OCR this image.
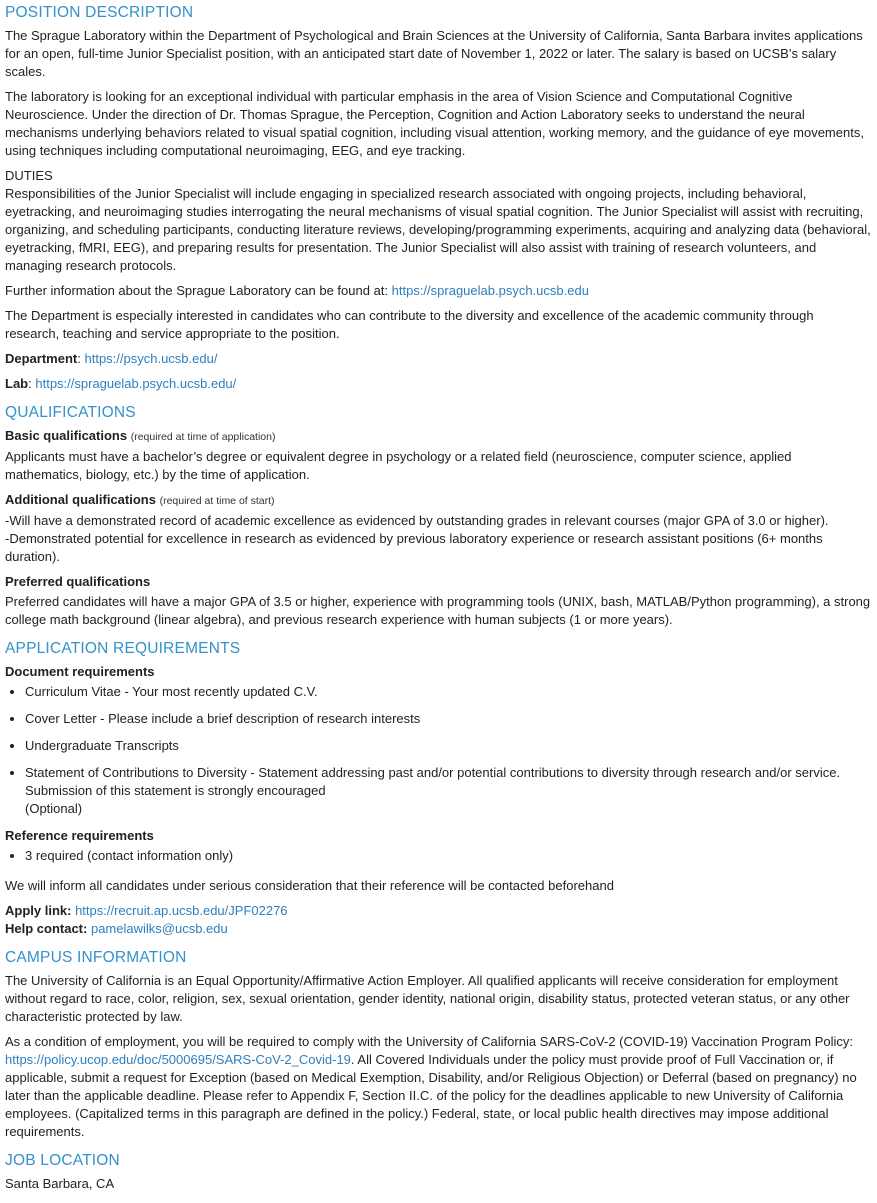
POSITION DESCRIPTION

The Sprague Laboratory within the Department of Psychological and Brain Sciences at the University of California, Santa Barbara invites applications for an open, full-time Junior Specialist position, with an anticipated start date of November 1, 2022 or later. The salary is based on UCSB’s salary scales.

The laboratory is looking for an exceptional individual with particular emphasis in the area of Vision Science and Computational Cognitive Neuroscience. Under the direction of Dr. Thomas Sprague, the Perception, Cognition and Action Laboratory seeks to understand the neural mechanisms underlying behaviors related to visual spatial cognition, including visual attention, working memory, and the guidance of eye movements, using techniques including computational neuroimaging, EEG, and eye tracking.

DUTIES
Responsibilities of the Junior Specialist will include engaging in specialized research associated with ongoing projects, including behavioral, eyetracking, and neuroimaging studies interrogating the neural mechanisms of visual spatial cognition. The Junior Specialist will assist with recruiting, organizing, and scheduling participants, conducting literature reviews, developing/programming experiments, acquiring and analyzing data (behavioral, eyetracking, fMRI, EEG), and preparing results for presentation. The Junior Specialist will also assist with training of research volunteers, and managing research protocols.

Further information about the Sprague Laboratory can be found at: https://spraguelab.psych.ucsb.edu

The Department is especially interested in candidates who can contribute to the diversity and excellence of the academic community through research, teaching and service appropriate to the position.

Department: https://psych.ucsb.edu/

Lab: https://spraguelab.psych.ucsb.edu/

QUALIFICATIONS
Basic qualifications (required at time of application)
Applicants must have a bachelor’s degree or equivalent degree in psychology or a related field (neuroscience, computer science, applied mathematics, biology, etc.) by the time of application.
Additional qualifications (required at time of start)
-Will have a demonstrated record of academic excellence as evidenced by outstanding grades in relevant courses (major GPA of 3.0 or higher).
-Demonstrated potential for excellence in research as evidenced by previous laboratory experience or research assistant positions (6+ months duration).
Preferred qualifications
Preferred candidates will have a major GPA of 3.5 or higher, experience with programming tools (UNIX, bash, MATLAB/Python programming), a strong college math background (linear algebra), and previous research experience with human subjects (1 or more years).
APPLICATION REQUIREMENTS
Document requirements
• Curriculum Vitae - Your most recently updated C.V.
• Cover Letter - Please include a brief description of research interests
• Undergraduate Transcripts
• Statement of Contributions to Diversity - Statement addressing past and/or potential contributions to diversity through research and/or service. Submission of this statement is strongly encouraged
(Optional)
Reference requirements
• 3 required (contact information only)

We will inform all candidates under serious consideration that their reference will be contacted beforehand

Apply link: https://recruit.ap.ucsb.edu/JPF02276
Help contact: pamelawilks@ucsb.edu
CAMPUS INFORMATION

The University of California is an Equal Opportunity/Affirmative Action Employer. All qualified applicants will receive consideration for employment without regard to race, color, religion, sex, sexual orientation, gender identity, national origin, disability status, protected veteran status, or any other characteristic protected by law.

As a condition of employment, you will be required to comply with the University of California SARS-CoV-2 (COVID-19) Vaccination Program Policy: https://policy.ucop.edu/doc/5000695/SARS-CoV-2_Covid-19. All Covered Individuals under the policy must provide proof of Full Vaccination or, if applicable, submit a request for Exception (based on Medical Exemption, Disability, and/or Religious Objection) or Deferral (based on pregnancy) no later than the applicable deadline. Please refer to Appendix F, Section II.C. of the policy for the deadlines applicable to new University of California employees. (Capitalized terms in this paragraph are defined in the policy.) Federal, state, or local public health directives may impose additional requirements.

JOB LOCATION
Santa Barbara, CA
